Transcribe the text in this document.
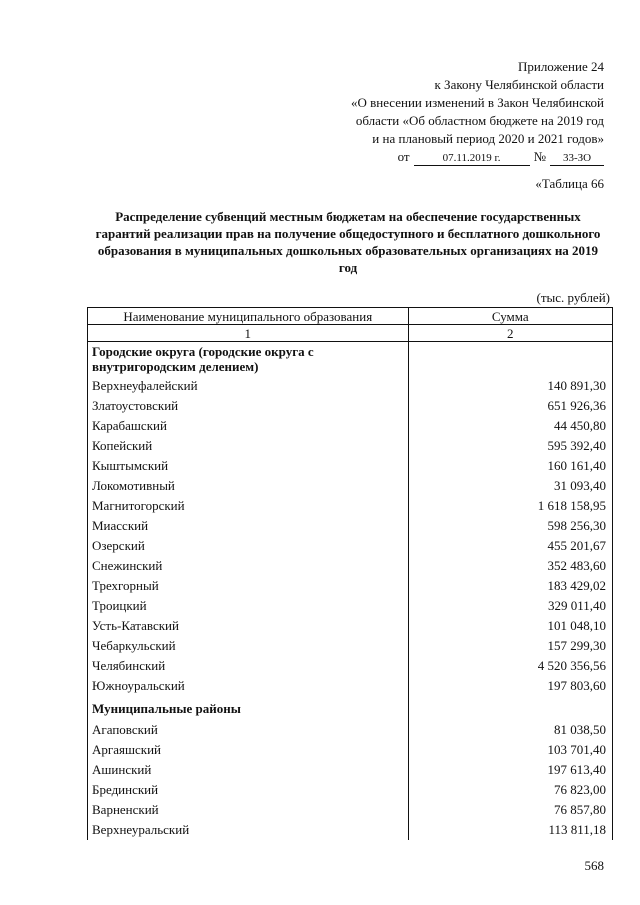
Приложение 24
к Закону Челябинской области
«О внесении изменений в Закон Челябинской
области «Об областном бюджете на 2019 год
и на плановый период 2020 и 2021 годов»
от	07.11.2019 г.	№	33-ЗО
«Таблица 66
Распределение субвенций местным бюджетам на обеспечение государственных гарантий реализации прав на получение общедоступного и бесплатного дошкольного образования в муниципальных дошкольных образовательных организациях на 2019 год
(тыс. рублей)
Наименование муниципального образования	Сумма
1	2
Городские округа (городские округа с внутригородским делением)	
Верхнеуфалейский	140 891,30
Златоустовский	651 926,36
Карабашский	44 450,80
Копейский	595 392,40
Кыштымский	160 161,40
Локомотивный	31 093,40
Магнитогорский	1 618 158,95
Миасский	598 256,30
Озерский	455 201,67
Снежинский	352 483,60
Трехгорный	183 429,02
Троицкий	329 011,40
Усть-Катавский	101 048,10
Чебаркульский	157 299,30
Челябинский	4 520 356,56
Южноуральский	197 803,60
Муниципальные районы	
Агаповский	81 038,50
Аргаяшский	103 701,40
Ашинский	197 613,40
Брединский	76 823,00
Варненский	76 857,80
Верхнеуральский	113 811,18
568
